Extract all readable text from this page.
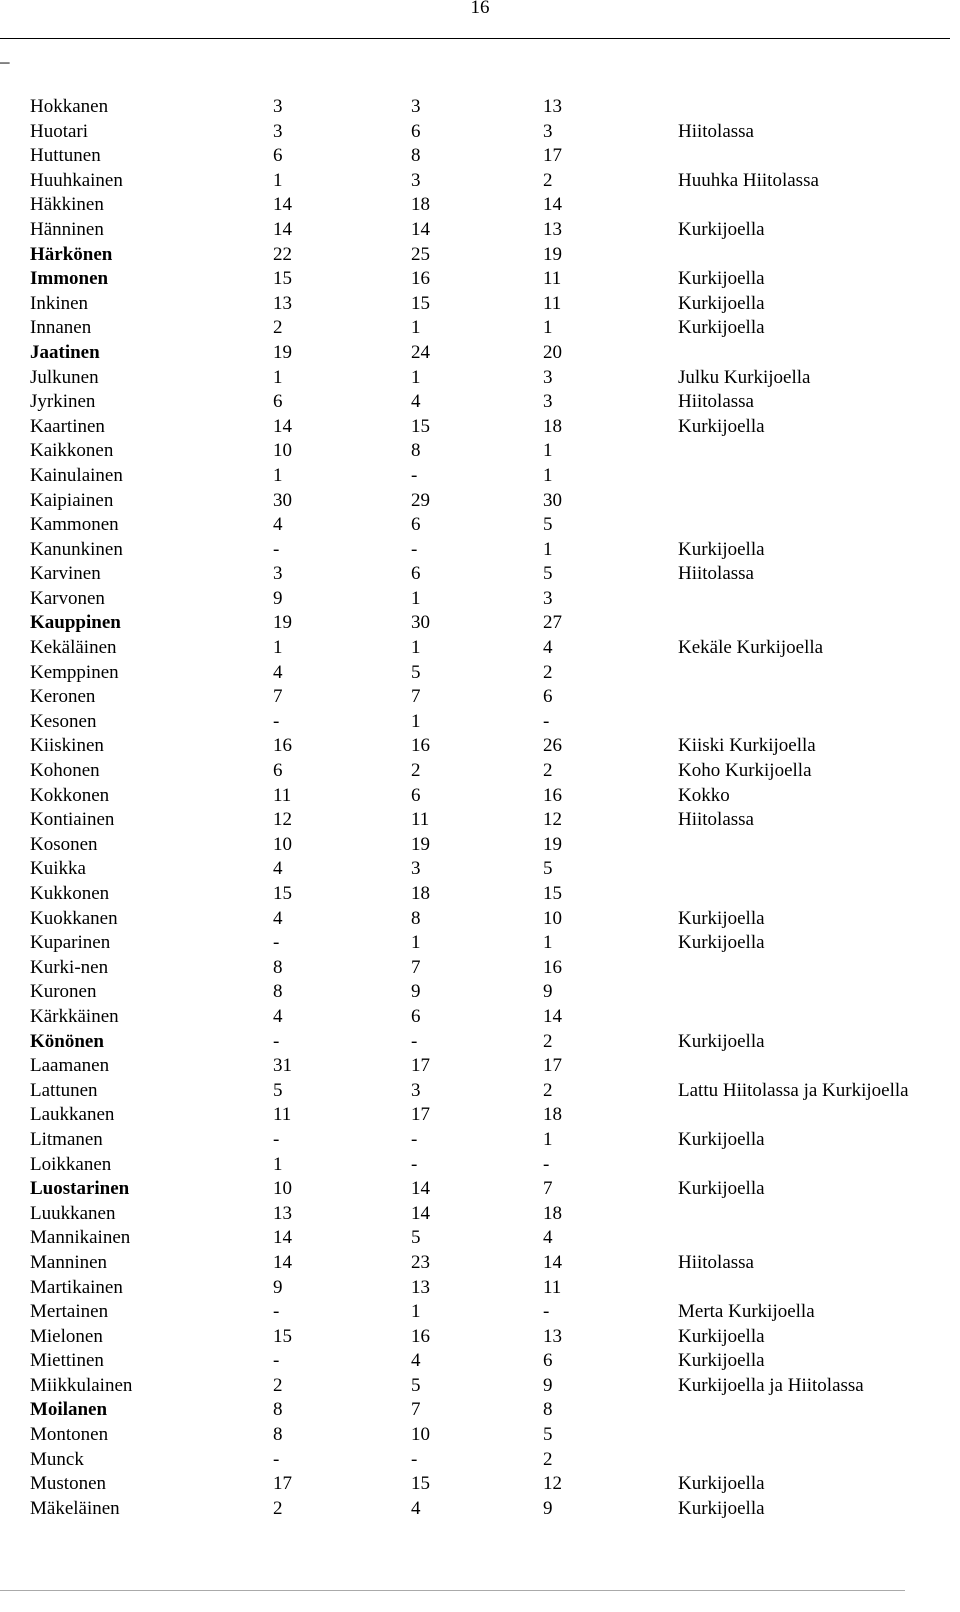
16
_
Hokkanen	3	3	13
Huotari	3	6	3	Hiitolassa
Huttunen	6	8	17
Huuhkainen	1	3	2	Huuhka Hiitolassa
Häkkinen	14	18	14
Hänninen	14	14	13	Kurkijoella
Härkönen	22	25	19
Immonen	15	16	11	Kurkijoella
Inkinen	13	15	11	Kurkijoella
Innanen	2	1	1	Kurkijoella
Jaatinen	19	24	20
Julkunen	1	1	3	Julku Kurkijoella
Jyrkinen	6	4	3	Hiitolassa
Kaartinen	14	15	18	Kurkijoella
Kaikkonen	10	8	1
Kainulainen	1	-	1
Kaipiainen	30	29	30
Kammonen	4	6	5
Kanunkinen	-	-	1	Kurkijoella
Karvinen	3	6	5	Hiitolassa
Karvonen	9	1	3
Kauppinen	19	30	27
Kekäläinen	1	1	4	Kekäle Kurkijoella
Kemppinen	4	5	2
Keronen	7	7	6
Kesonen	-	1	-
Kiiskinen	16	16	26	Kiiski Kurkijoella
Kohonen	6	2	2	Koho Kurkijoella
Kokkonen	11	6	16	Kokko
Kontiainen	12	11	12	Hiitolassa
Kosonen	10	19	19
Kuikka	4	3	5
Kukkonen	15	18	15
Kuokkanen	4	8	10	Kurkijoella
Kuparinen	-	1	1	Kurkijoella
Kurki-nen	8	7	16
Kuronen	8	9	9
Kärkkäinen	4	6	14
Könönen	-	-	2	Kurkijoella
Laamanen	31	17	17
Lattunen	5	3	2	Lattu Hiitolassa ja Kurkijoella
Laukkanen	11	17	18
Litmanen	-	-	1	Kurkijoella
Loikkanen	1	-	-
Luostarinen	10	14	7	Kurkijoella
Luukkanen	13	14	18
Mannikainen	14	5	4
Manninen	14	23	14	Hiitolassa
Martikainen	9	13	11
Mertainen	-	1	-	Merta Kurkijoella
Mielonen	15	16	13	Kurkijoella
Miettinen	-	4	6	Kurkijoella
Miikkulainen	2	5	9	Kurkijoella ja Hiitolassa
Moilanen	8	7	8
Montonen	8	10	5
Munck	-	-	2
Mustonen	17	15	12	Kurkijoella
Mäkeläinen	2	4	9	Kurkijoella
